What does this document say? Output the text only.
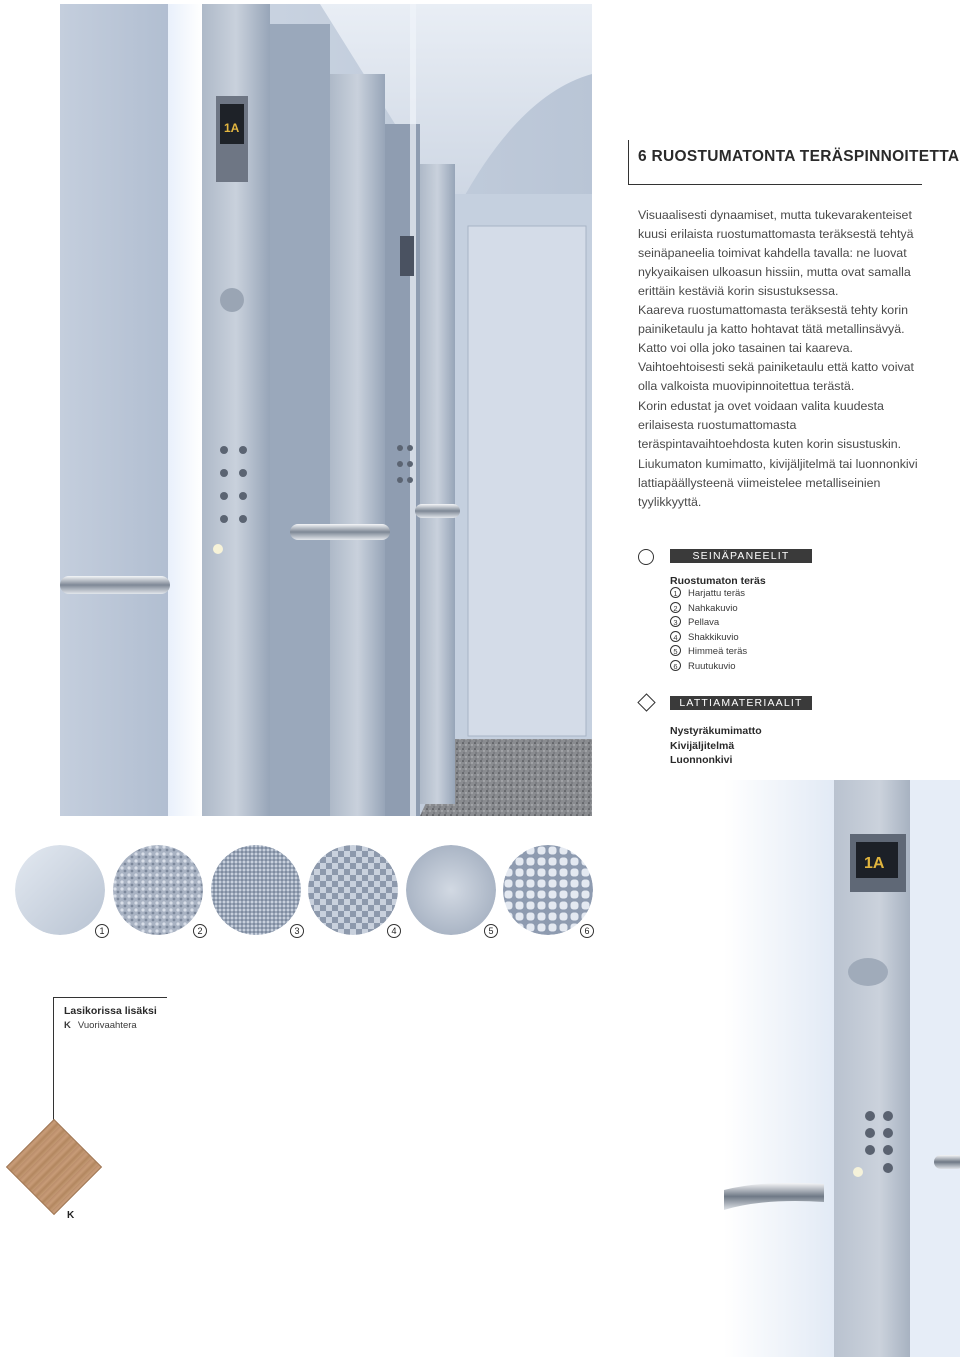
1A
6 RUOSTUMATONTA TERÄSPINNOITETTA
Visuaalisesti dynaamiset, mutta tukevarakenteiset
kuusi erilaista ruostumattomasta teräksestä tehtyä
seinäpaneelia toimivat kahdella tavalla: ne luovat
nykyaikaisen ulkoasun hissiin, mutta ovat samalla
erittäin kestäviä korin sisustuksessa.
Kaareva ruostumattomasta teräksestä tehty korin
painiketaulu ja katto hohtavat tätä metallinsävyä.
Katto voi olla joko tasainen tai kaareva.
Vaihtoehtoisesti sekä painiketaulu että katto voivat
olla valkoista muovipinnoitettua terästä.
Korin edustat ja ovet voidaan valita kuudesta
erilaisesta ruostumattomasta
teräspintavaihtoehdosta kuten korin sisustuskin.
Liukumaton kumimatto, kivijäljitelmä tai luonnonkivi
lattiapäällysteenä viimeistelee metalliseinien
tyylikkyyttä.
SEINÄPANEELIT
Ruostumaton teräs
1 Harjattu teräs
2 Nahkakuvio
3 Pellava
4 Shakkikuvio
5 Himmeä teräs
6 Ruutukuvio
LATTIAMATERIAALIT
Nystyräkumimatto
Kivijäljitelmä
Luonnonkivi
1	2	3	4	5	6
Lasikorissa lisäksi
K Vuorivaahtera
K
1A
